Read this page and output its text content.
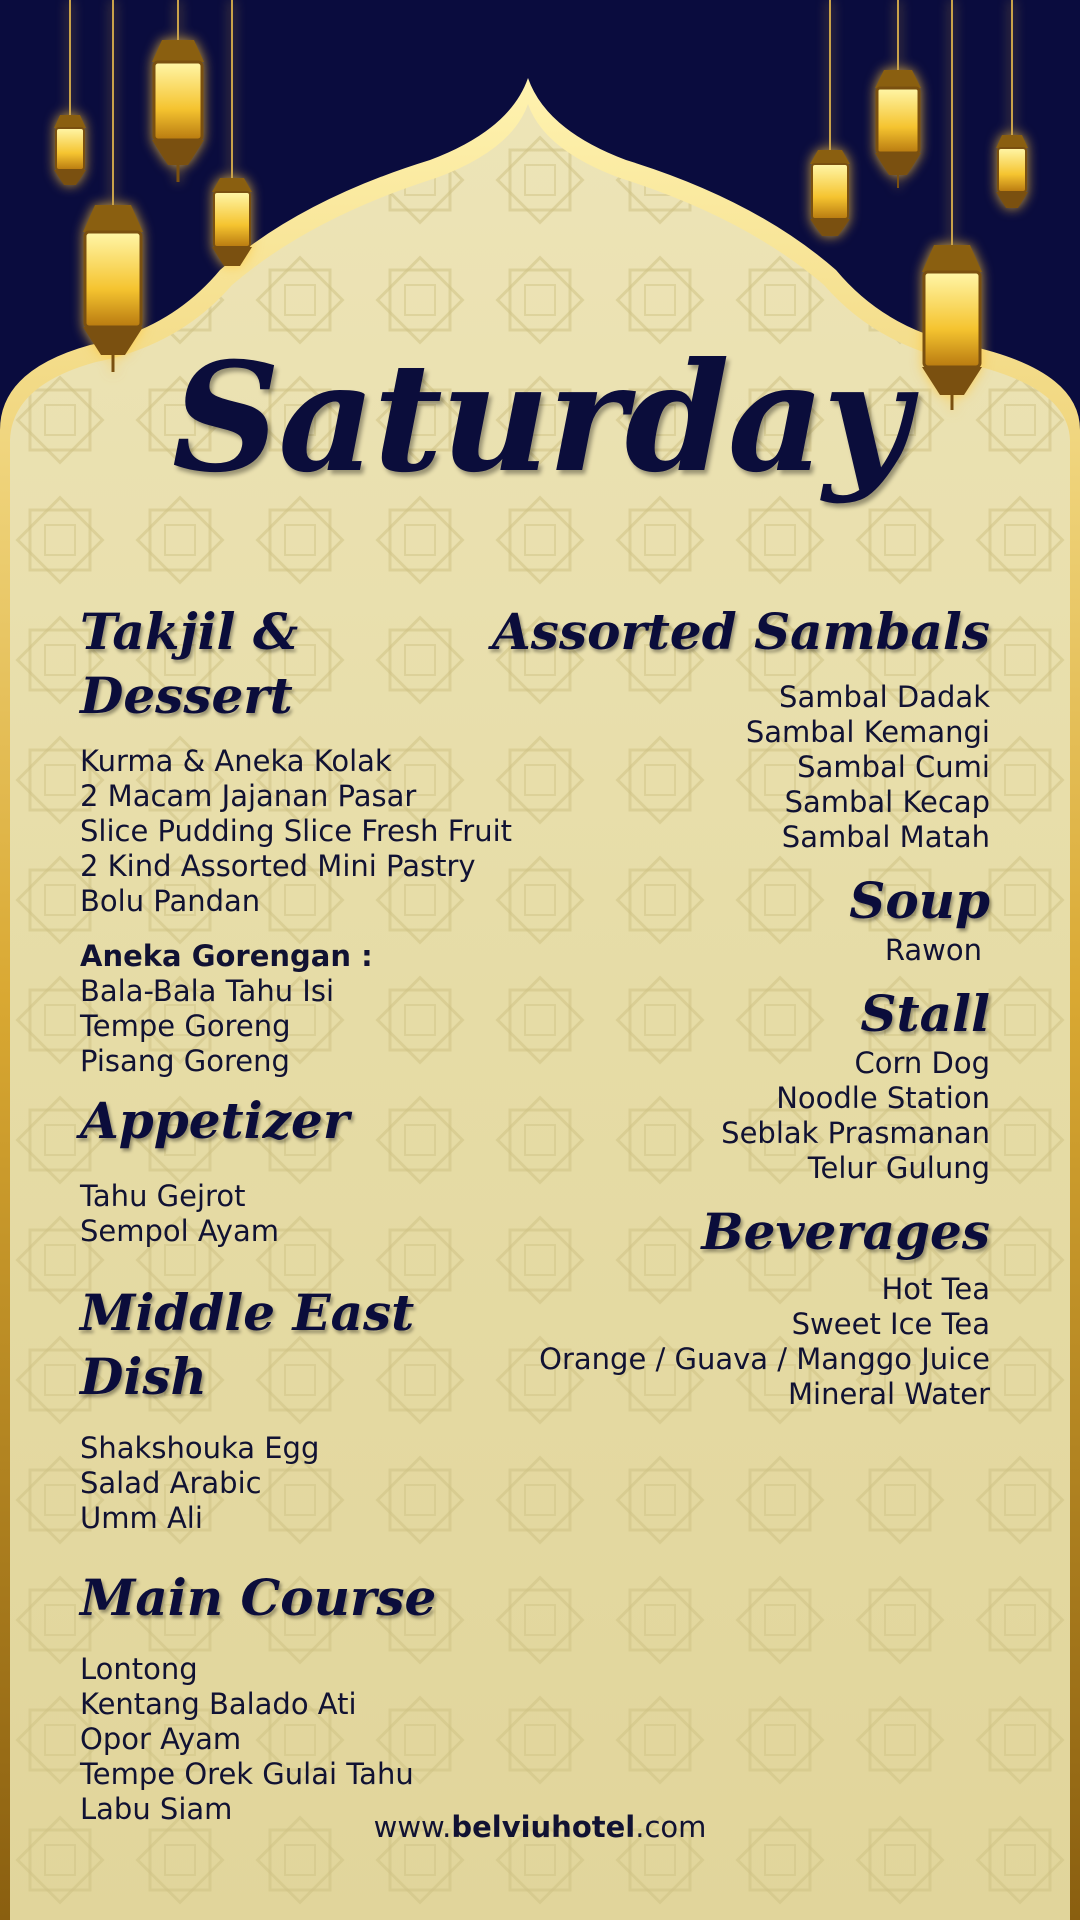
Saturday
Takjil & Dessert
Kurma & Aneka Kolak
2 Macam Jajanan Pasar
Slice Pudding Slice Fresh Fruit
2 Kind Assorted Mini Pastry
Bolu Pandan

Aneka Gorengan :

Bala-Bala Tahu Isi
Tempe Goreng
Pisang Goreng
Appetizer
Tahu Gejrot
Sempol Ayam
Middle East Dish
Shakshouka Egg
Salad Arabic
Umm Ali
Main Course
Lontong
Kentang Balado Ati
Opor Ayam
Tempe Orek Gulai Tahu
Labu Siam
Assorted Sambals
Sambal Dadak
Sambal Kemangi
Sambal Cumi
Sambal Kecap
Sambal Matah
Soup
Rawon
Stall
Corn Dog
Noodle Station
Seblak Prasmanan
Telur Gulung
Beverages
Hot Tea
Sweet Ice Tea
Orange / Guava / Manggo Juice
Mineral Water
www.belviuhotel.com
